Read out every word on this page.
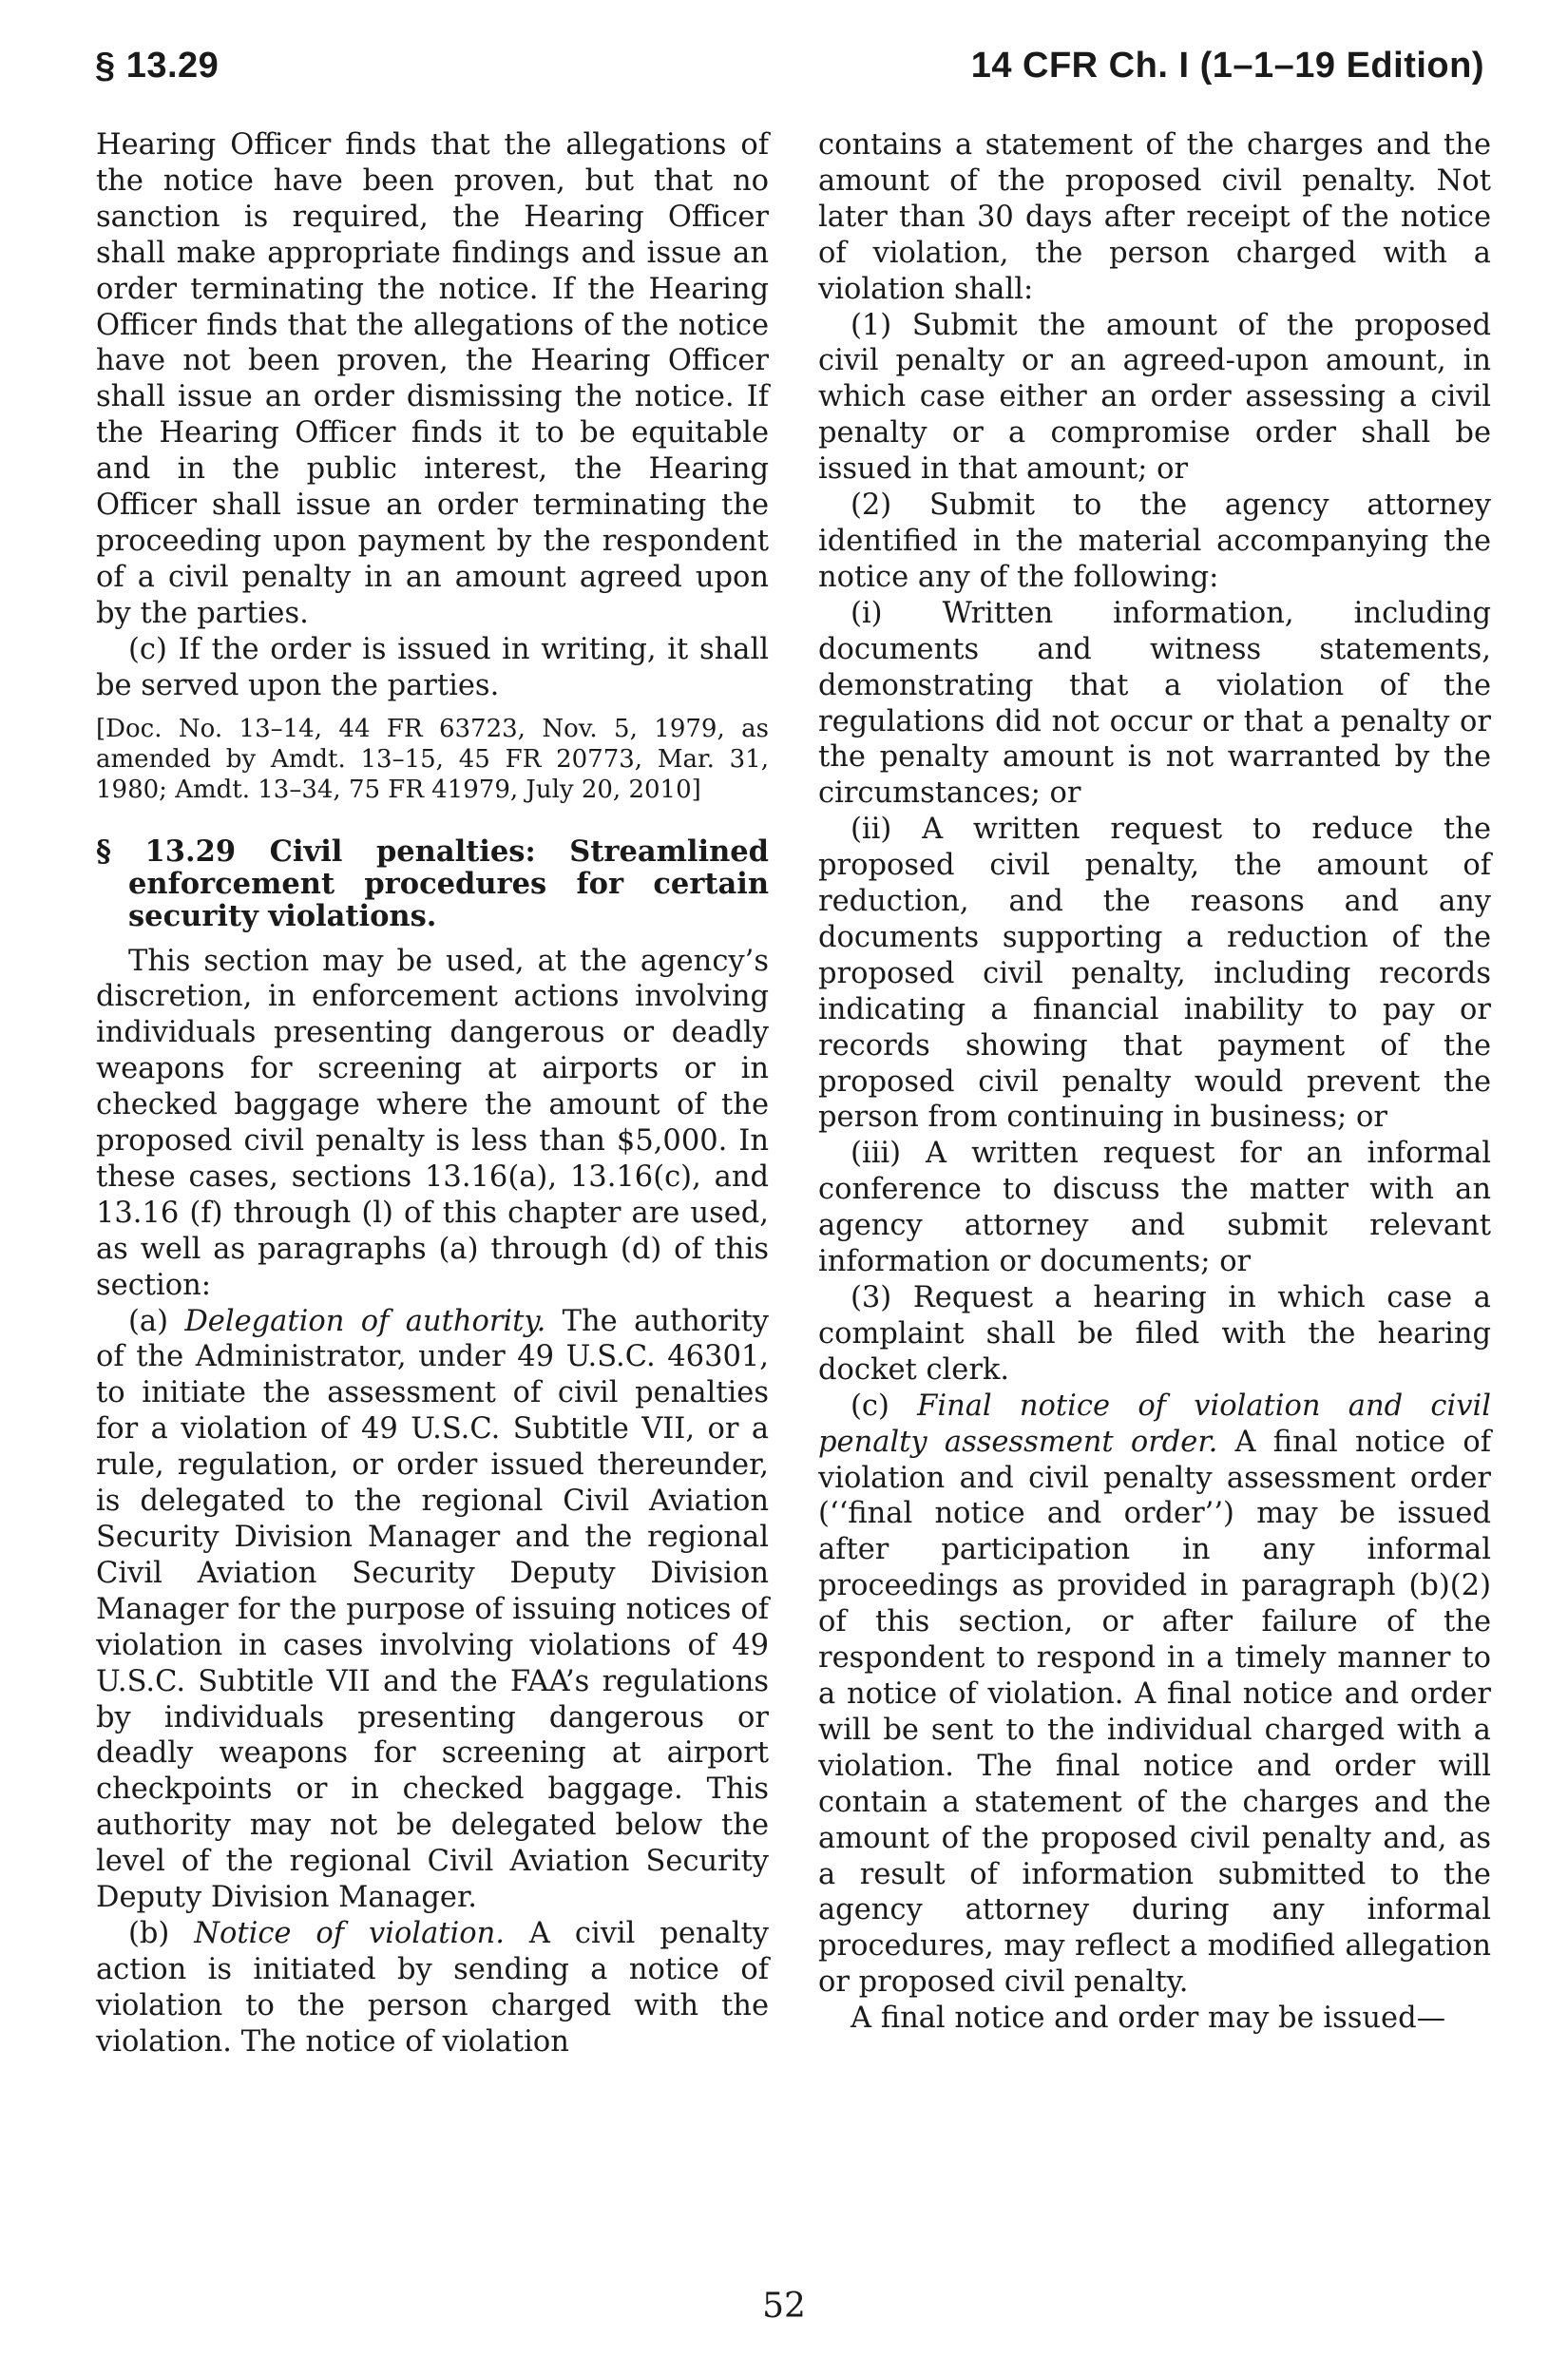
§ 13.29	14 CFR Ch. I (1–1–19 Edition)

Hearing Officer finds that the allegations of the notice have been proven, but that no sanction is required, the Hearing Officer shall make appropriate findings and issue an order terminating the notice. If the Hearing Officer finds that the allegations of the notice have not been proven, the Hearing Officer shall issue an order dismissing the notice. If the Hearing Officer finds it to be equitable and in the public interest, the Hearing Officer shall issue an order terminating the proceeding upon payment by the respondent of a civil penalty in an amount agreed upon by the parties.

(c) If the order is issued in writing, it shall be served upon the parties.

[Doc. No. 13–14, 44 FR 63723, Nov. 5, 1979, as amended by Amdt. 13–15, 45 FR 20773, Mar. 31, 1980; Amdt. 13–34, 75 FR 41979, July 20, 2010]

§ 13.29 Civil penalties: Streamlined enforcement procedures for certain security violations.

This section may be used, at the agency’s discretion, in enforcement actions involving individuals presenting dangerous or deadly weapons for screening at airports or in checked baggage where the amount of the proposed civil penalty is less than $5,000. In these cases, sections 13.16(a), 13.16(c), and 13.16 (f) through (l) of this chapter are used, as well as paragraphs (a) through (d) of this section:

(a) Delegation of authority. The authority of the Administrator, under 49 U.S.C. 46301, to initiate the assessment of civil penalties for a violation of 49 U.S.C. Subtitle VII, or a rule, regulation, or order issued thereunder, is delegated to the regional Civil Aviation Security Division Manager and the regional Civil Aviation Security Deputy Division Manager for the purpose of issuing notices of violation in cases involving violations of 49 U.S.C. Subtitle VII and the FAA’s regulations by individuals presenting dangerous or deadly weapons for screening at airport checkpoints or in checked baggage. This authority may not be delegated below the level of the regional Civil Aviation Security Deputy Division Manager.

(b) Notice of violation. A civil penalty action is initiated by sending a notice of violation to the person charged with the violation. The notice of violation

contains a statement of the charges and the amount of the proposed civil penalty. Not later than 30 days after receipt of the notice of violation, the person charged with a violation shall:

(1) Submit the amount of the proposed civil penalty or an agreed-upon amount, in which case either an order assessing a civil penalty or a compromise order shall be issued in that amount; or

(2) Submit to the agency attorney identified in the material accompanying the notice any of the following:

(i) Written information, including documents and witness statements, demonstrating that a violation of the regulations did not occur or that a penalty or the penalty amount is not warranted by the circumstances; or

(ii) A written request to reduce the proposed civil penalty, the amount of reduction, and the reasons and any documents supporting a reduction of the proposed civil penalty, including records indicating a financial inability to pay or records showing that payment of the proposed civil penalty would prevent the person from continuing in business; or

(iii) A written request for an informal conference to discuss the matter with an agency attorney and submit relevant information or documents; or

(3) Request a hearing in which case a complaint shall be filed with the hearing docket clerk.

(c) Final notice of violation and civil penalty assessment order. A final notice of violation and civil penalty assessment order (‘‘final notice and order’’) may be issued after participation in any informal proceedings as provided in paragraph (b)(2) of this section, or after failure of the respondent to respond in a timely manner to a notice of violation. A final notice and order will be sent to the individual charged with a violation. The final notice and order will contain a statement of the charges and the amount of the proposed civil penalty and, as a result of information submitted to the agency attorney during any informal procedures, may reflect a modified allegation or proposed civil penalty.

A final notice and order may be issued—

52
